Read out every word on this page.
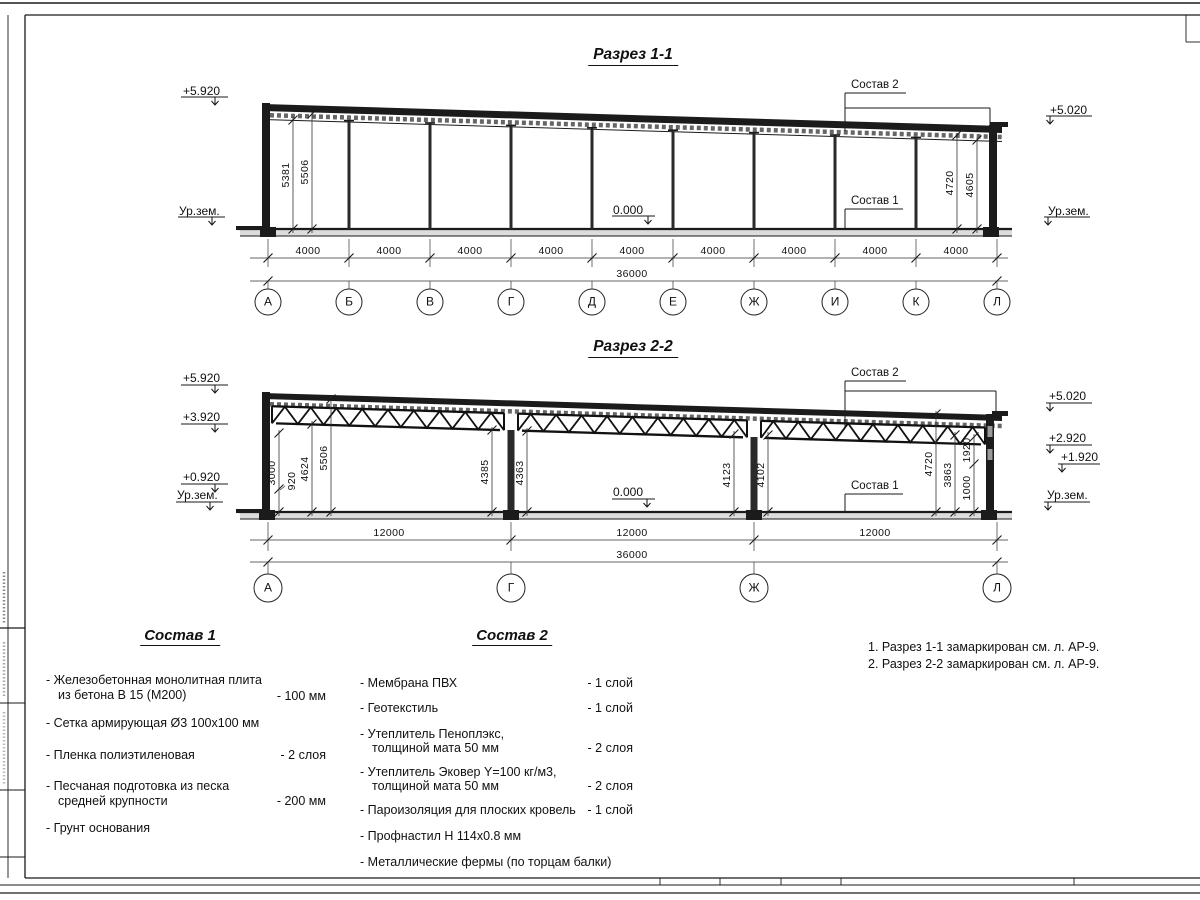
Разрез 1-1
+5.920
Ур.зем.
+5.020
Ур.зем.
0.000
Состав 2
Состав 1
5381 5506	4720 4605
4000	4000	4000	4000	4000	4000	4000	4000	4000
36000
А	Б	В	Г	Д	Е	Ж	И	К	Л
Разрез 2-2
+5.920
+3.920
+0.920
Ур.зем.
+5.020
+2.920
+1.920
Ур.зем.
0.000
Состав 2
Состав 1
3000 920 4624 5506
4385 4363	4123 4102	4720 3863
1920
1000
12000	12000	12000
36000
А	Г	Ж	Л
Состав 1
- Железобетонная монолитная плита
из бетона В 15 (М200)	- 100 мм
- Сетка армирующая Ø3 100х100 мм
- Пленка полиэтиленовая	- 2 слоя
- Песчаная подготовка из песка
средней крупности	- 200 мм
- Грунт основания
Состав 2
- Мембрана ПВХ	- 1 слой
- Геотекстиль	- 1 слой
- Утеплитель Пеноплэкс,
толщиной мата 50 мм	- 2 слоя
- Утеплитель Эковер Y=100 кг/м3,
толщиной мата 50 мм	- 2 слоя
- Пароизоляция для плоских кровель - 1 слой
- Профнастил Н 114х0.8 мм
- Металлические фермы (по торцам балки)
1. Разрез 1-1 замаркирован см. л. АР-9.
2. Разрез 2-2 замаркирован см. л. АР-9.
